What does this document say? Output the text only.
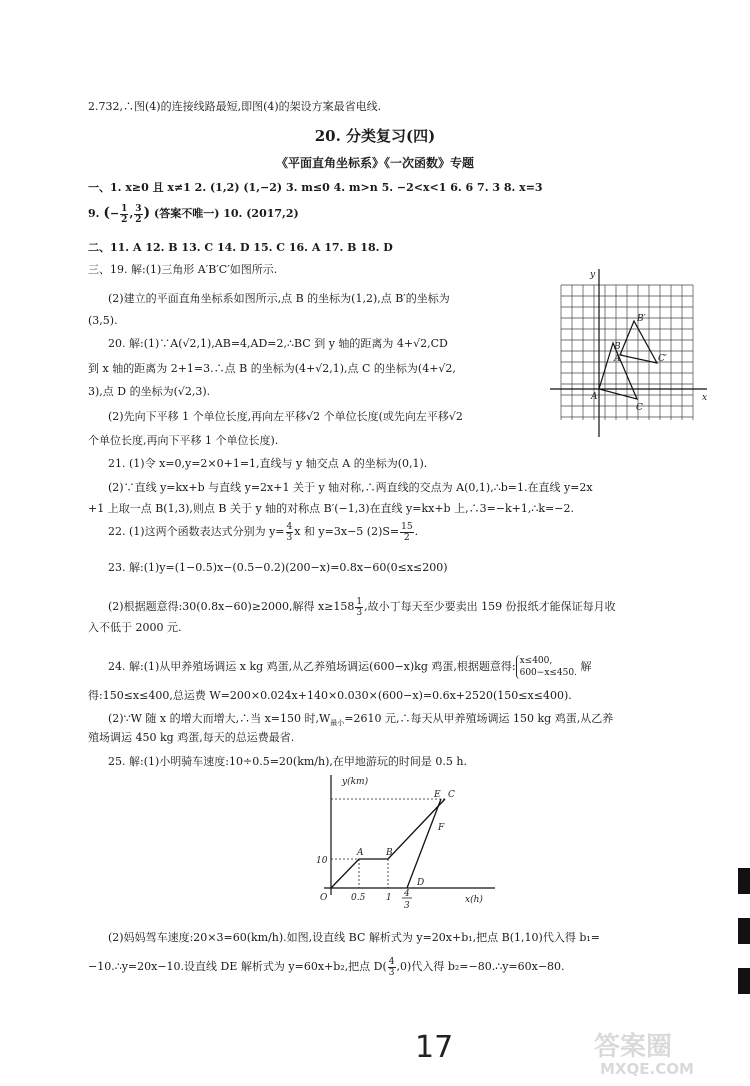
2.732,∴图(4)的连接线路最短,即图(4)的架设方案最省电线.
20. 分类复习(四)
《平面直角坐标系》《一次函数》专题
一、1. x≥0 且 x≠1 2. (1,2) (1,−2) 3. m≤0 4. m>n 5. −2<x<1 6. 6 7. 3 8. x=3
9. (− $\frac{1}{2}$ , $\frac{3}{2}$ ) (答案不唯一) 10. (2017,2)
二、11. A 12. B 13. C 14. D 15. C 16. A 17. B 18. D
三、19. 解:(1)三角形 A′B′C′如图所示.
(2)建立的平面直角坐标系如图所示,点 B 的坐标为(1,2),点 B′的坐标为
(3,5).
x
y
A
B
C
A′
B′
C′
20. 解:(1)∵A(√2,1),AB=4,AD=2,∴BC 到 y 轴的距离为 4+√2,CD
到 x 轴的距离为 2+1=3.∴点 B 的坐标为(4+√2,1),点 C 的坐标为(4+√2,
3),点 D 的坐标为(√2,3).
(2)先向下平移 1 个单位长度,再向左平移√2 个单位长度(或先向左平移√2
个单位长度,再向下平移 1 个单位长度).
21. (1)令 x=0,y=2×0+1=1,直线与 y 轴交点 A 的坐标为(0,1).
(2)∵直线 y=kx+b 与直线 y=2x+1 关于 y 轴对称,∴两直线的交点为 A(0,1),∴b=1.在直线 y=2x
+1 上取一点 B(1,3),则点 B 关于 y 轴的对称点 B′(−1,3)在直线 y=kx+b 上,∴3=−k+1,∴k=−2.
22. (1)这两个函数表达式分别为 $y= \frac{4}{3}$ x 和 y=3x−5 $(2)S= \frac{15}{2}$ .
23. 解:(1)y=(1−0.5)x−(0.5−0.2)(200−x)=0.8x−60(0≤x≤200)
(2)根据题意得:30(0.8x−60)≥2000,解得 $x\ge 158 \frac{1}{3}$ ,故小丁每天至少要卖出 159 份报纸才能保证每月收
入不低于 2000 元.
24. 解:(1)从甲养殖场调运 x kg 鸡蛋,从乙养殖场调运(600−x)kg 鸡蛋,根据题意得: x≤400,
600−x≤450. 解
得:150≤x≤400,总运费 W=200×0.024x+140×0.030×(600−x)=0.6x+2520(150≤x≤400).
(2)∵W 随 x 的增大而增大,∴当 x=150 时$,W_{最小}=2610$ 元,∴每天从甲养殖场调运 150 kg 鸡蛋,从乙养
殖场调运 450 kg 鸡蛋,每天的总运费最省.
25. 解:(1)小明骑车速度:10÷0.5=20(km/h),在甲地游玩的时间是 0.5 h.
y(km)
x(h)
O
10
0.5 1 4
3
A	B
C
D
E
F
(2)妈妈驾车速度:20×3=60(km/h).如图,设直线 BC 解析式为 y=20x+b₁,把点 B(1,10)代入得 b₁=
−10.∴y=20x−10.设直线 DE 解析式为 y=60x+b₂,把点 $D( \frac{4}{3} ,0)$代入得 b₂=−80.∴y=60x−80.
17	答案圈
MXQE.COM
